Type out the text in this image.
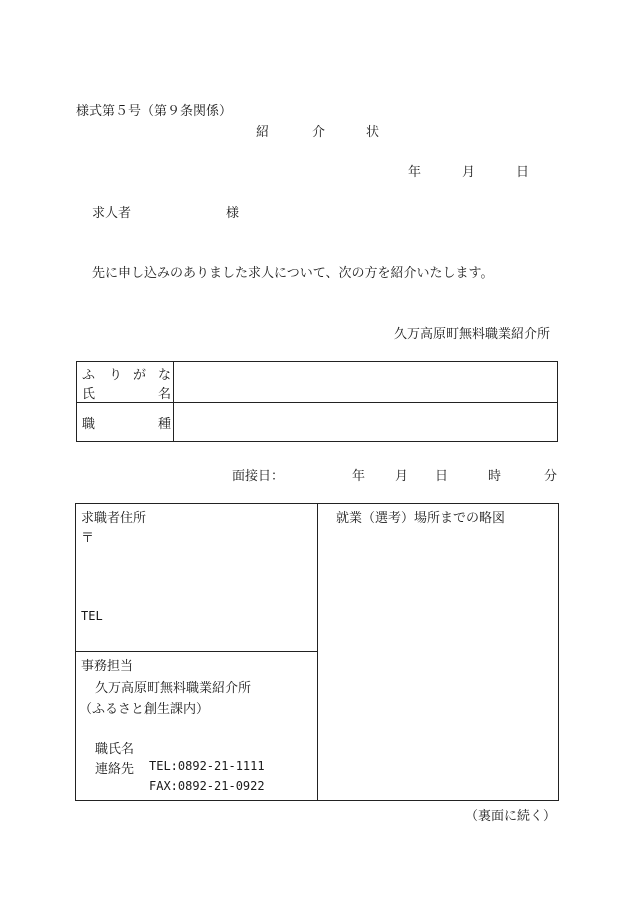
様式第５号（第９条関係）
紹	介	状
年	月	日
求人者	様
先に申し込みのありました求人について、次の方を紹介いたします。
久万高原町無料職業紹介所
ふ り が な
氏	名
職	種
面接日：	年 月 日	時	分
求職者住所
〒
TEL
就業（選考）場所までの略図
事務担当
久万高原町無料職業紹介所
（ふるさと創生課内）
職氏名
連絡先 TEL:0892-21-1111
FAX:0892-21-0922
（裏面に続く）
